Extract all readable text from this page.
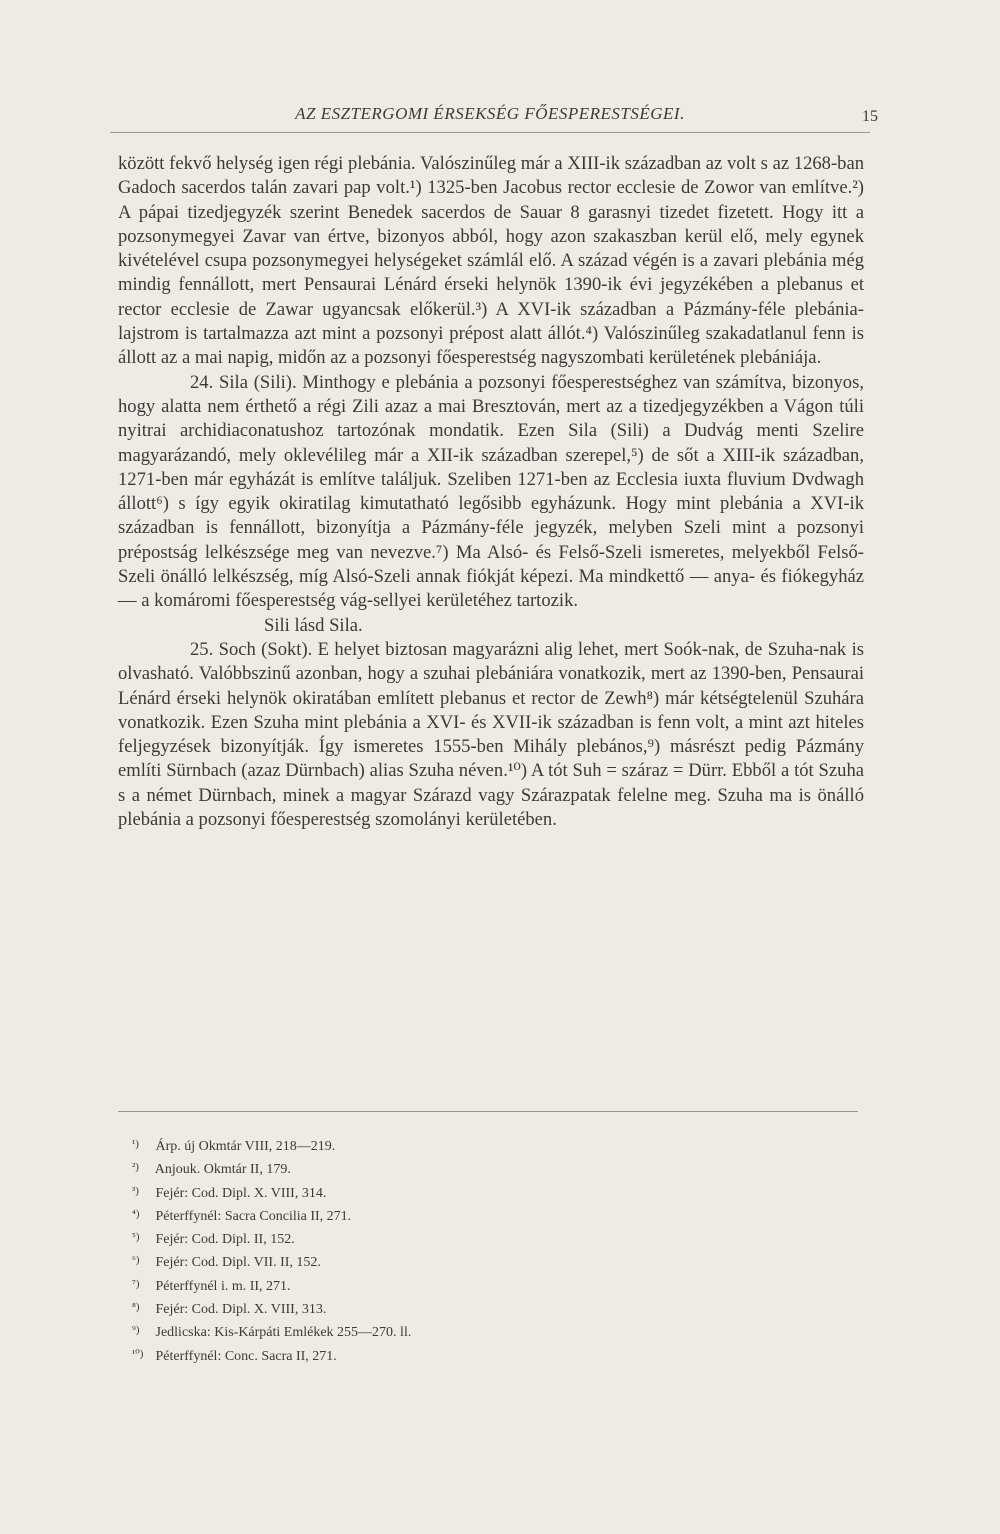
AZ ESZTERGOMI ÉRSEKSÉG FŐESPERESTSÉGEI.	15

között fekvő helység igen régi plebánia. Valószinűleg már a XIII-ik században az volt s az 1268-ban Gadoch sacerdos talán zavari pap volt.¹) 1325-ben Jacobus rector ecclesie de Zowor van említve.²) A pápai tizedjegyzék szerint Benedek sacerdos de Sauar 8 garasnyi tizedet fizetett. Hogy itt a pozsonymegyei Zavar van értve, bizonyos abból, hogy azon szakaszban kerül elő, mely egynek kivételével csupa pozsonymegyei helységeket számlál elő. A század végén is a zavari plebánia még mindig fennállott, mert Pensaurai Lénárd érseki helynök 1390-ik évi jegyzékében a plebanus et rector ecclesie de Zawar ugyancsak előkerül.³) A XVI-ik században a Pázmány-féle plebánia-lajstrom is tartalmazza azt mint a pozsonyi prépost alatt állót.⁴) Valószinűleg szakadatlanul fenn is állott az a mai napig, midőn az a pozsonyi főesperestség nagyszombati kerületének plebániája.

24. Sila (Sili). Minthogy e plebánia a pozsonyi főesperestséghez van számítva, bizonyos, hogy alatta nem érthető a régi Zili azaz a mai Bresztován, mert az a tizedjegyzékben a Vágon túli nyitrai archidiaconatushoz tartozónak mondatik. Ezen Sila (Sili) a Dudvág menti Szelire magyarázandó, mely oklevélileg már a XII-ik században szerepel,⁵) de sőt a XIII-ik században, 1271-ben már egyházát is említve találjuk. Szeliben 1271-ben az Ecclesia iuxta fluvium Dvdwagh állott⁶) s így egyik okiratilag kimutatható legősibb egyházunk. Hogy mint plebánia a XVI-ik században is fennállott, bizonyítja a Pázmány-féle jegyzék, melyben Szeli mint a pozsonyi prépostság lelkészsége meg van nevezve.⁷) Ma Alsó- és Felső-Szeli ismeretes, melyekből Felső-Szeli önálló lelkészség, míg Alsó-Szeli annak fiókját képezi. Ma mindkettő — anya- és fiókegyház — a komáromi főesperestség vág-sellyei kerületéhez tartozik.

Sili lásd Sila.

25. Soch (Sokt). E helyet biztosan magyarázni alig lehet, mert Soók-nak, de Szuha-nak is olvasható. Valóbbszinű azonban, hogy a szuhai plebániára vonatkozik, mert az 1390-ben, Pensaurai Lénárd érseki helynök okiratában említett plebanus et rector de Zewh⁸) már kétségtelenül Szuhára vonatkozik. Ezen Szuha mint plebánia a XVI- és XVII-ik században is fenn volt, a mint azt hiteles feljegyzések bizonyítják. Így ismeretes 1555-ben Mihály plebános,⁹) másrészt pedig Pázmány említi Sürnbach (azaz Dürnbach) alias Szuha néven.¹⁰) A tót Suh = száraz = Dürr. Ebből a tót Szuha s a német Dürnbach, minek a magyar Szárazd vagy Szárazpatak felelne meg. Szuha ma is önálló plebánia a pozsonyi főesperestség szomolányi kerületében.

¹) Árp. új Okmtár VIII, 218—219.
²) Anjouk. Okmtár II, 179.
³) Fejér: Cod. Dipl. X. VIII, 314.
⁴) Péterffynél: Sacra Concilia II, 271.
⁵) Fejér: Cod. Dipl. II, 152.
⁶) Fejér: Cod. Dipl. VII. II, 152.
⁷) Péterffynél i. m. II, 271.
⁸) Fejér: Cod. Dipl. X. VIII, 313.
⁹) Jedlicska: Kis-Kárpáti Emlékek 255—270. ll.
¹⁰) Péterffynél: Conc. Sacra II, 271.
